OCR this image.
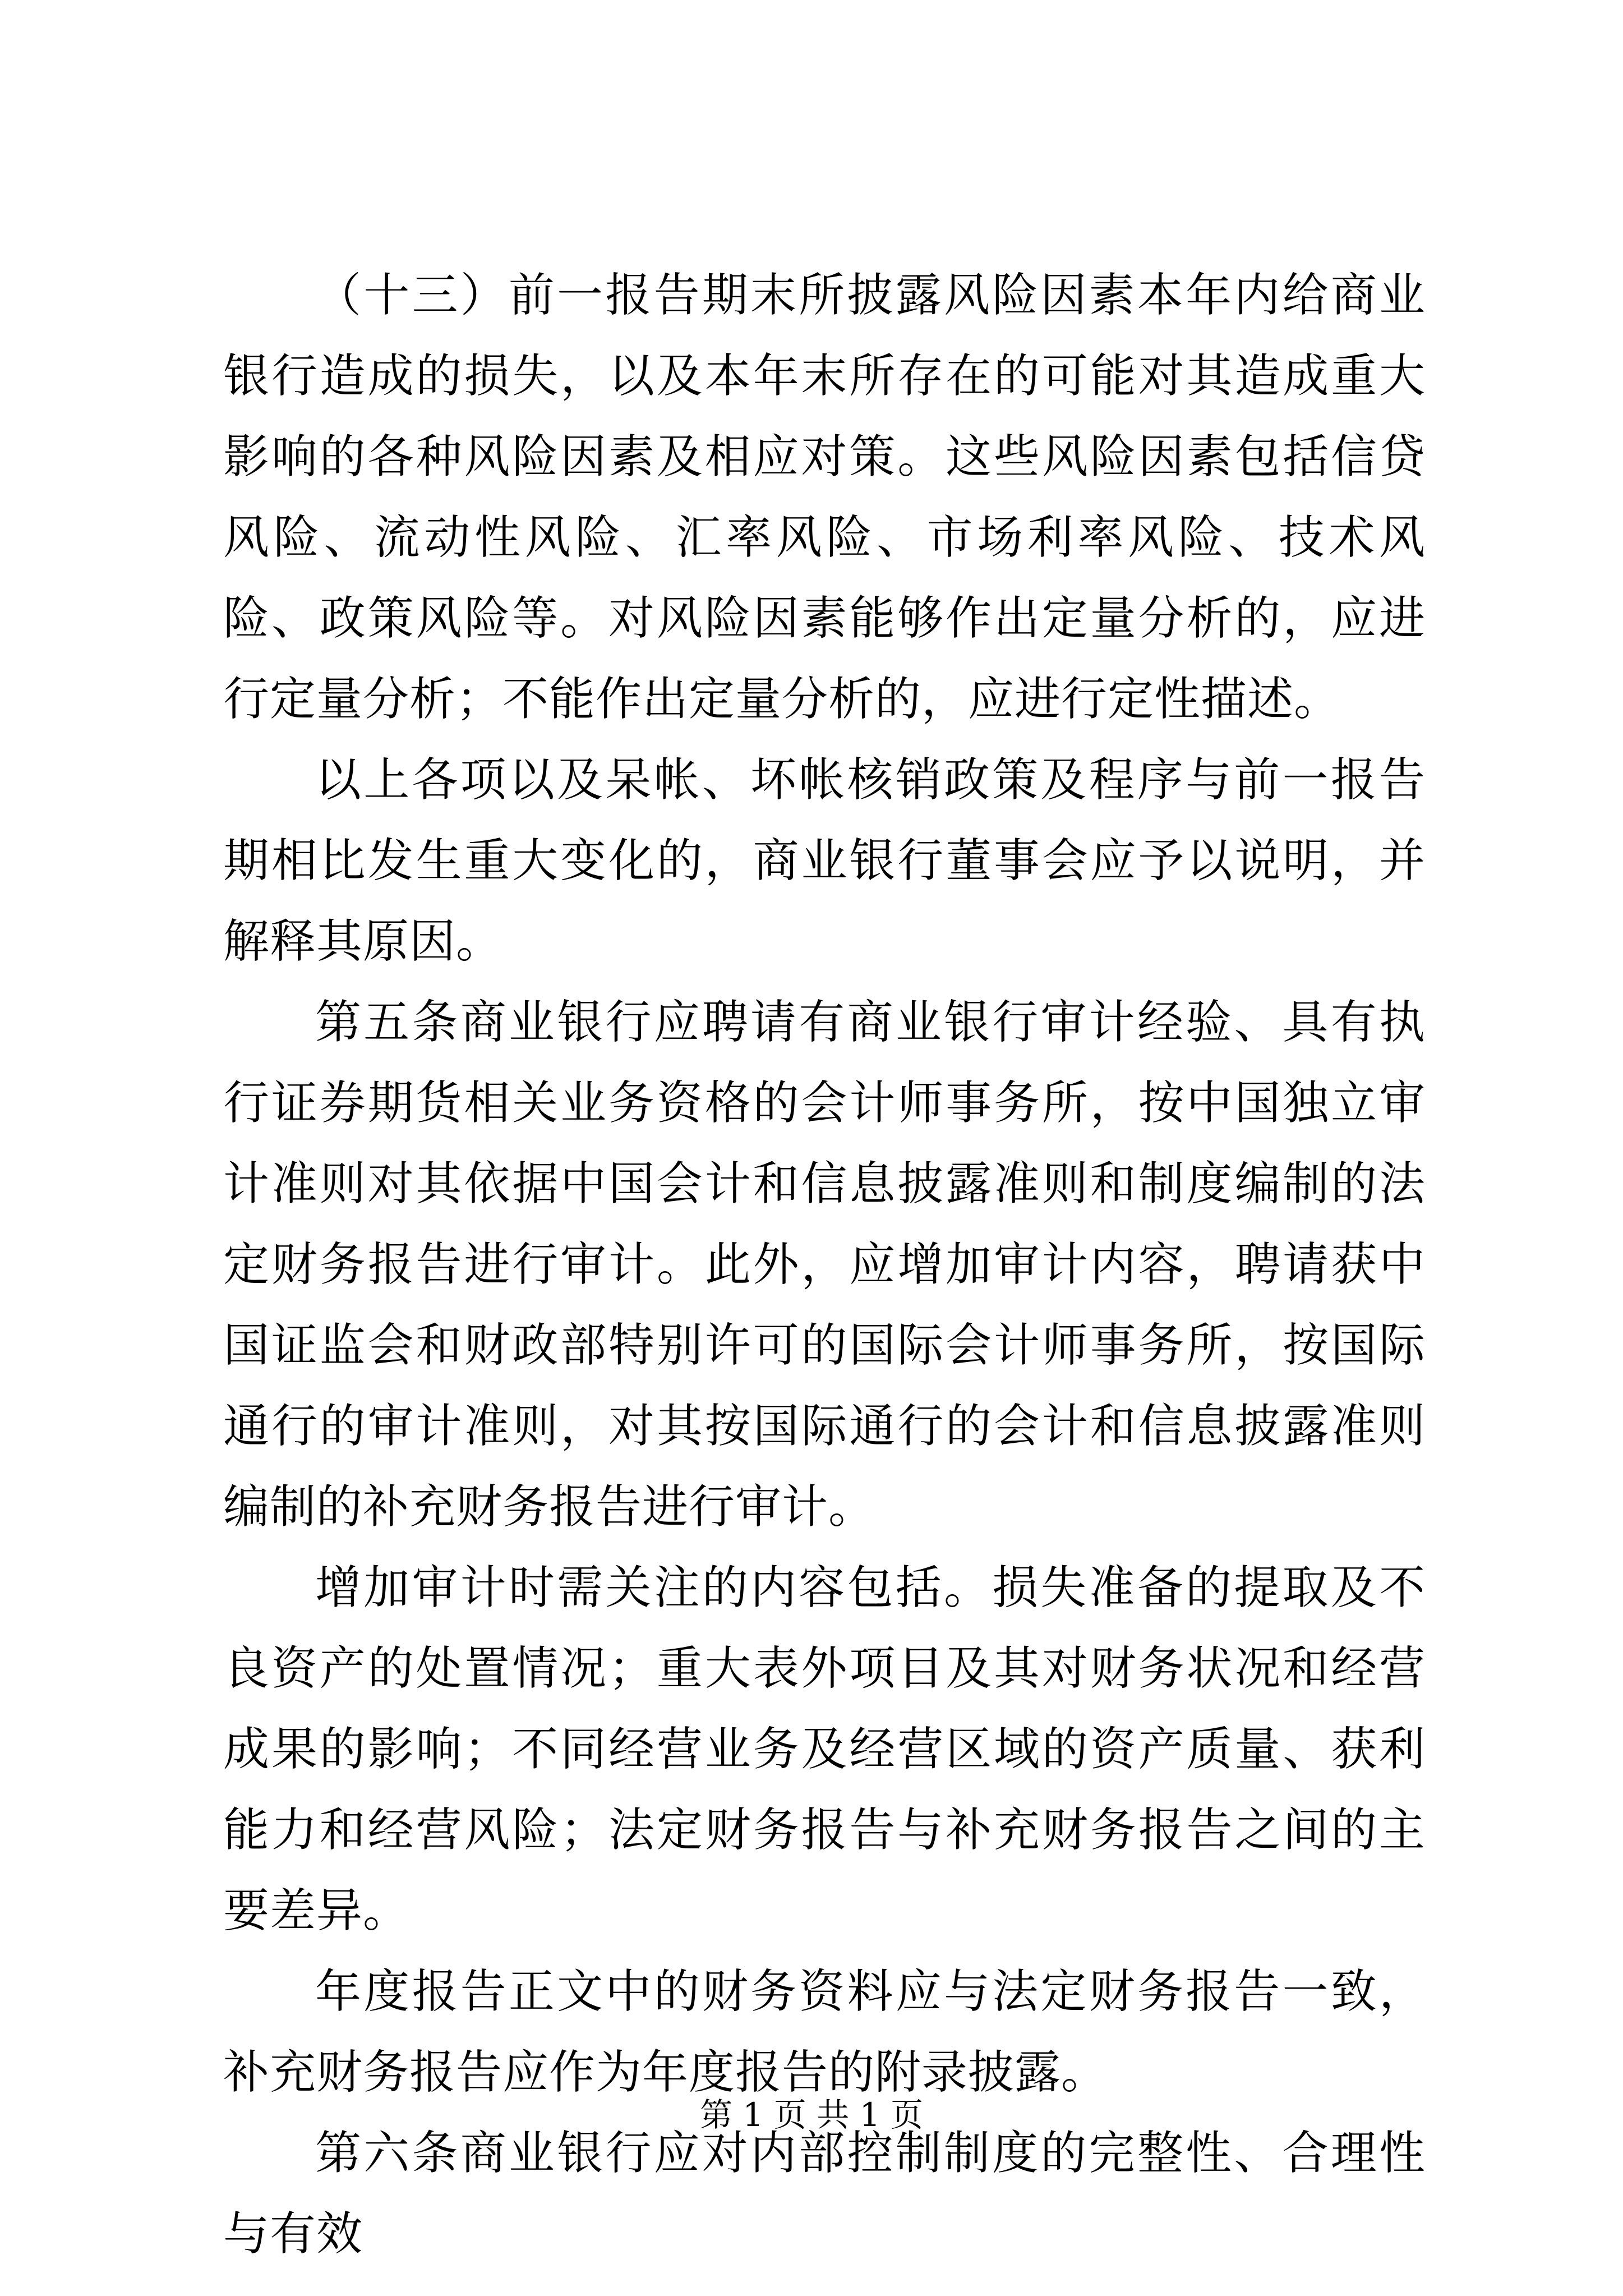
（十三）前一报告期末所披露风险因素本年内给商业银行造成的损失，以及本年末所存在的可能对其造成重大影响的各种风险因素及相应对策。这些风险因素包括信贷风险、流动性风险、汇率风险、市场利率风险、技术风险、政策风险等。对风险因素能够作出定量分析的，应进行定量分析；不能作出定量分析的，应进行定性描述。

以上各项以及呆帐、坏帐核销政策及程序与前一报告期相比发生重大变化的，商业银行董事会应予以说明，并解释其原因。

第五条商业银行应聘请有商业银行审计经验、具有执行证券期货相关业务资格的会计师事务所，按中国独立审计准则对其依据中国会计和信息披露准则和制度编制的法定财务报告进行审计。此外，应增加审计内容，聘请获中国证监会和财政部特别许可的国际会计师事务所，按国际通行的审计准则，对其按国际通行的会计和信息披露准则编制的补充财务报告进行审计。

增加审计时需关注的内容包括。损失准备的提取及不良资产的处置情况；重大表外项目及其对财务状况和经营成果的影响；不同经营业务及经营区域的资产质量、获利能力和经营风险；法定财务报告与补充财务报告之间的主要差异。

年度报告正文中的财务资料应与法定财务报告一致，补充财务报告应作为年度报告的附录披露。

第六条商业银行应对内部控制制度的完整性、合理性与有效

第 1 页 共 1 页
